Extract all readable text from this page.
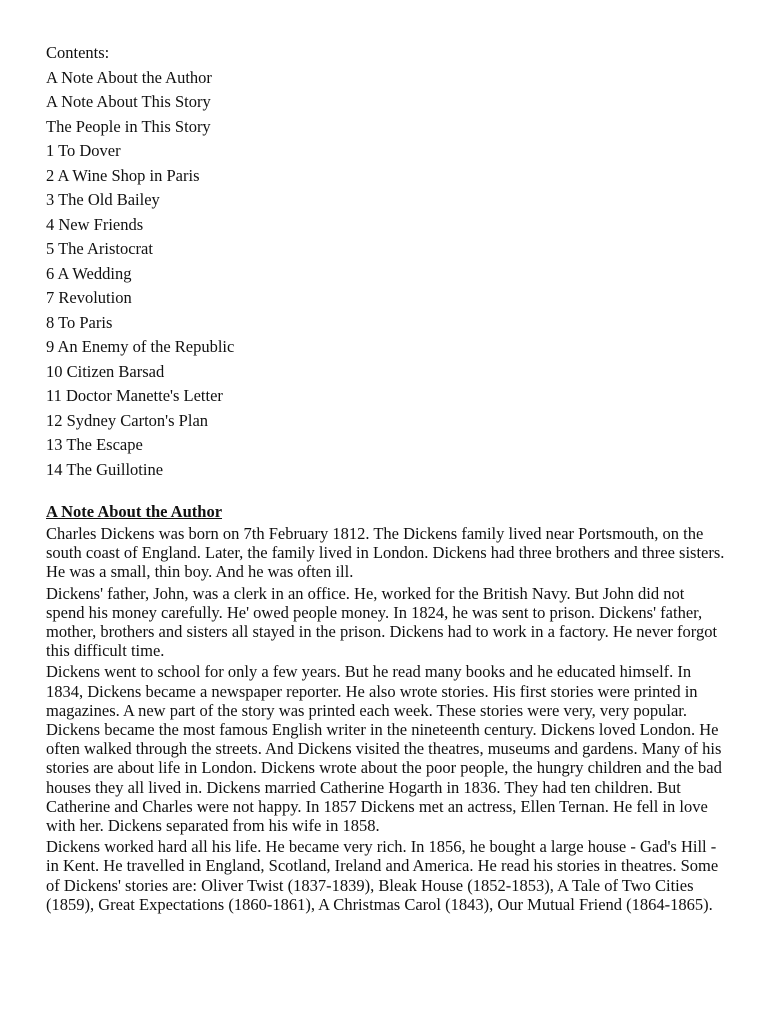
Contents:

A Note About the Author
A Note About This Story
The People in This Story
1 To Dover
2 A Wine Shop in Paris
3 The Old Bailey
4 New Friends
5 The Aristocrat
6 A Wedding
7 Revolution
8 To Paris
9 An Enemy of the Republic
10 Citizen Barsad
11 Doctor Manette's Letter
12 Sydney Carton's Plan
13 The Escape
14 The Guillotine
A Note About the Author

Charles Dickens was born on 7th February 1812. The Dickens family lived near Portsmouth, on the south coast of England. Later, the family lived in London. Dickens had three brothers and three sisters. He was a small, thin boy. And he was often ill.

Dickens' father, John, was a clerk in an office. He, worked for the British Navy. But John did not spend his money carefully. He' owed people money. In 1824, he was sent to prison. Dickens' father, mother, brothers and sisters all stayed in the prison. Dickens had to work in a factory. He never forgot this difficult time.

Dickens went to school for only a few years. But he read many books and he educated himself. In 1834, Dickens became a newspaper reporter. He also wrote stories. His first stories were printed in magazines. A new part of the story was printed each week. These stories were very, very popular. Dickens became the most famous English writer in the nineteenth century. Dickens loved London. He often walked through the streets. And Dickens visited the theatres, museums and gardens. Many of his stories are about life in London. Dickens wrote about the poor people, the hungry children and the bad houses they all lived in. Dickens married Catherine Hogarth in 1836. They had ten children. But Catherine and Charles were not happy. In 1857 Dickens met an actress, Ellen Ternan. He fell in love with her. Dickens separated from his wife in 1858.

Dickens worked hard all his life. He became very rich. In 1856, he bought a large house - Gad's Hill - in Kent. He travelled in England, Scotland, Ireland and America. He read his stories in theatres. Some of Dickens' stories are: Oliver Twist (1837-1839), Bleak House (1852-1853), A Tale of Two Cities (1859), Great Expectations (1860-1861), A Christmas Carol (1843), Our Mutual Friend (1864-1865).
